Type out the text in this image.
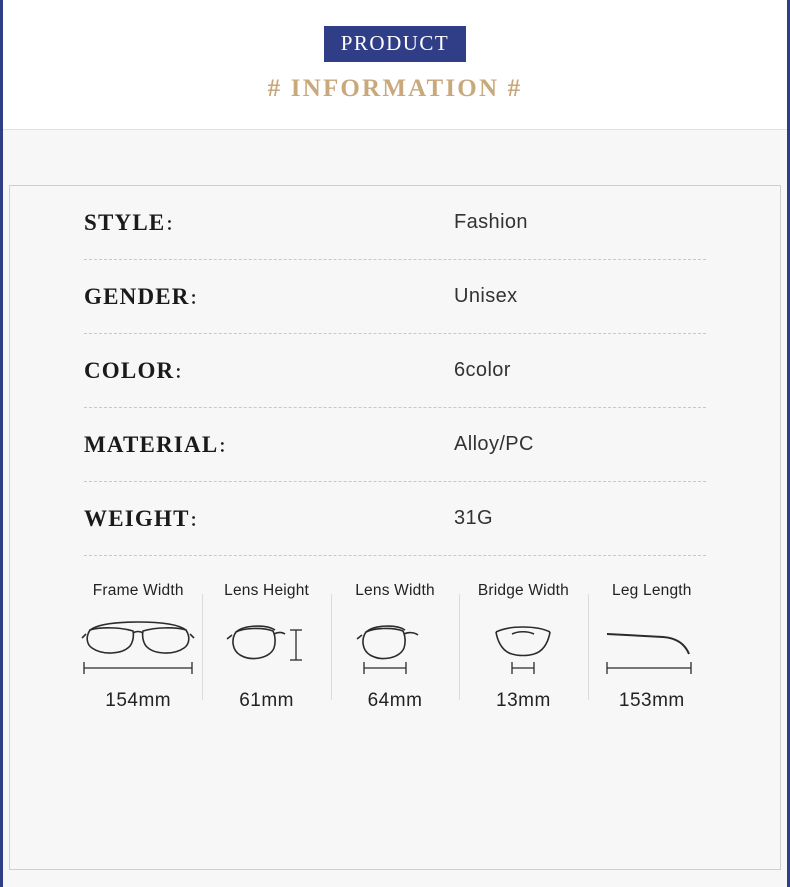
PRODUCT
# INFORMATION #
STYLE：	Fashion
GENDER：	Unisex
COLOR：	6color
MATERIAL：	Alloy/PC
WEIGHT：	31G
Frame Width
154mm
Lens Height
61mm
Lens Width
64mm
Bridge Width
13mm
Leg Length
153mm
